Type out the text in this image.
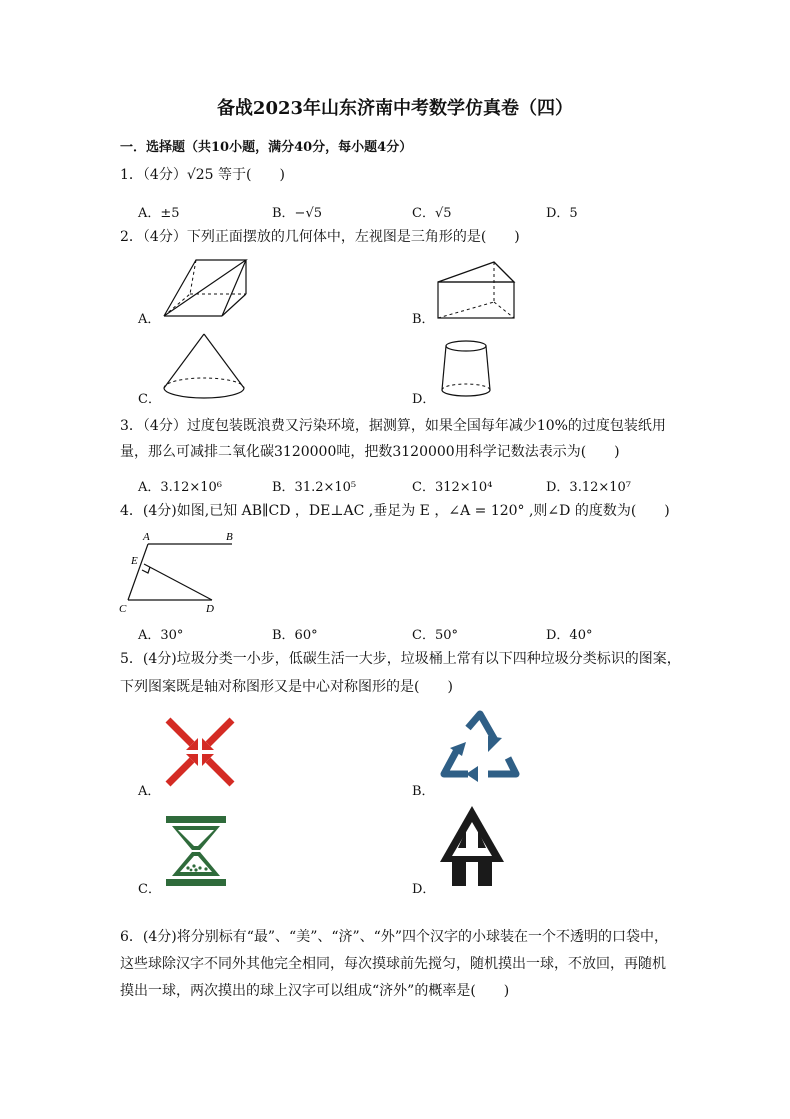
备战2023年山东济南中考数学仿真卷（四）
一．选择题（共10小题，满分40分，每小题4分）
1．（4分）√25 等于(　　)
A．±5	B．−√5	C．√5	D．5
2．（4分）下列正面摆放的几何体中，左视图是三角形的是(　　)
A．	B．
C．	D．
3．（4分）过度包装既浪费又污染环境，据测算，如果全国每年减少10%的过度包装纸用
量，那么可减排二氧化碳3120000吨，把数3120000用科学记数法表示为(　　)
A．3.12×10⁶	B．31.2×10⁵	C．312×10⁴	D．3.12×10⁷
4．(4分)如图,已知 AB∥CD ，DE⊥AC ,垂足为 E ，∠A = 120° ,则∠D 的度数为(　　)
A	B
E
C	D
A．30°	B．60°	C．50°	D．40°
5．(4分)垃圾分类一小步，低碳生活一大步，垃圾桶上常有以下四种垃圾分类标识的图案，
下列图案既是轴对称图形又是中心对称图形的是(　　)
A．	B．
C．	D．
6．(4分)将分别标有“最”、“美”、“济”、“外”四个汉字的小球装在一个不透明的口袋中，
这些球除汉字不同外其他完全相同，每次摸球前先搅匀，随机摸出一球，不放回，再随机
摸出一球，两次摸出的球上汉字可以组成“济外”的概率是(　　)
